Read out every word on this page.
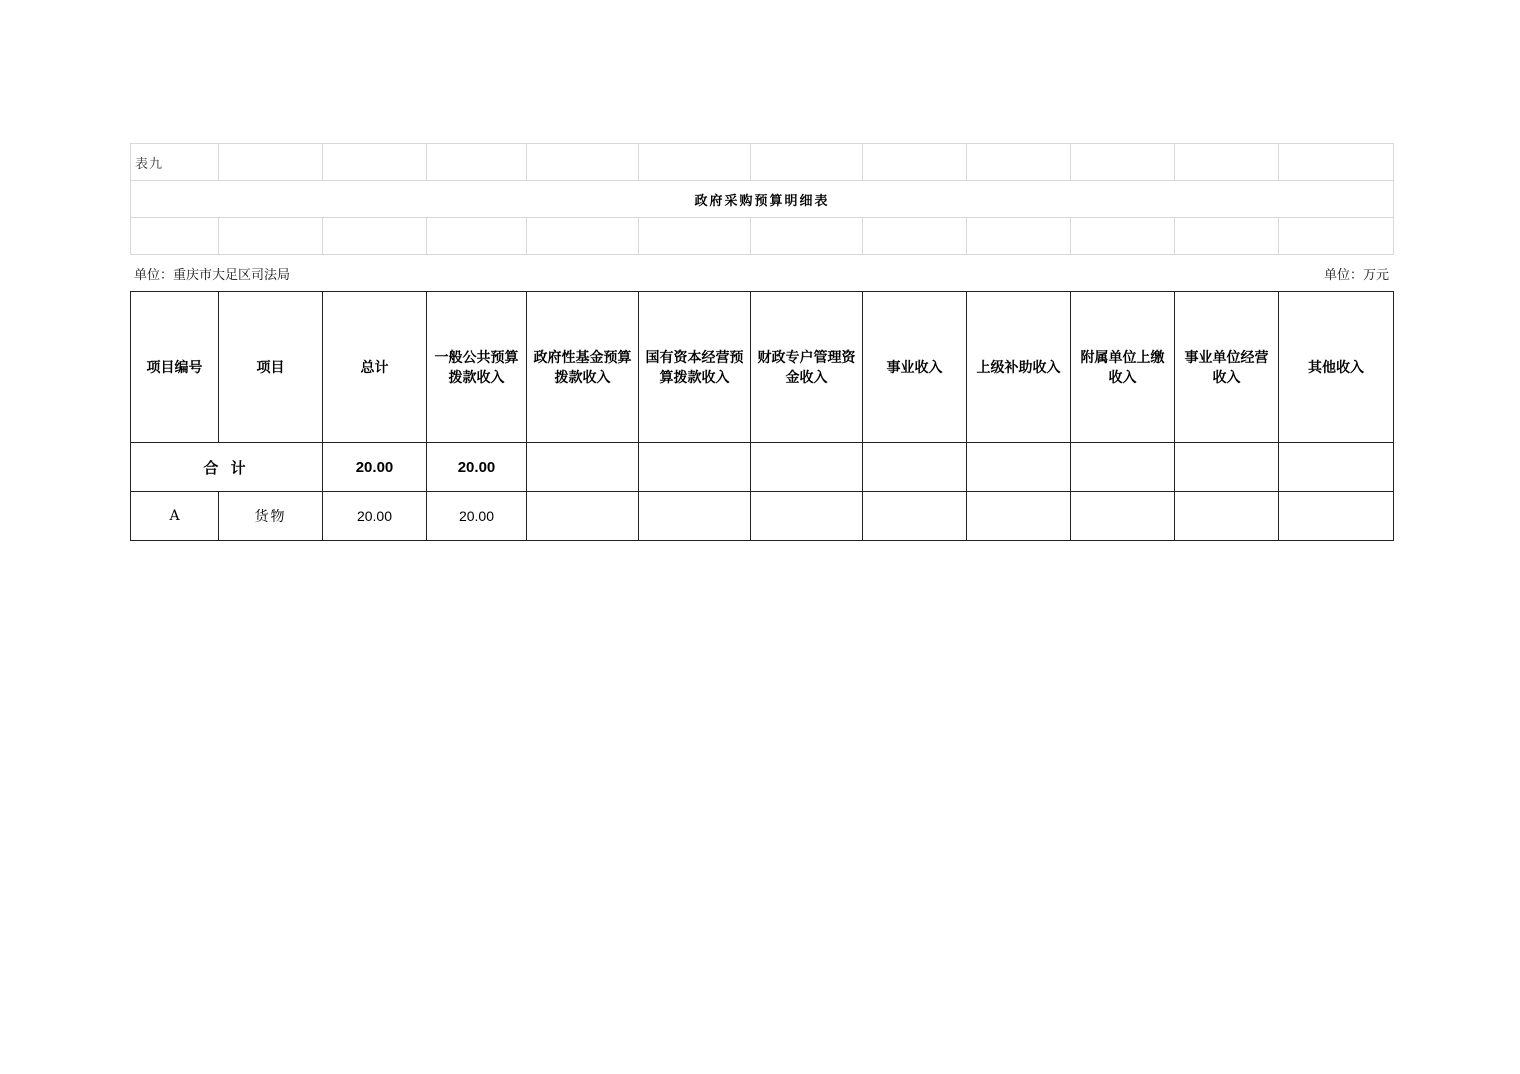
表九											
政府采购预算明细表											

单位：重庆市大足区司法局	单位：万元
项目编号	项目	总计	一般公共预算拨款收入	政府性基金预算拨款收入	国有资本经营预算拨款收入	财政专户管理资金收入	事业收入	上级补助收入	附属单位上缴收入	事业单位经营收入	其他收入
合 计		20.00	20.00								
A	货物	20.00	20.00								
